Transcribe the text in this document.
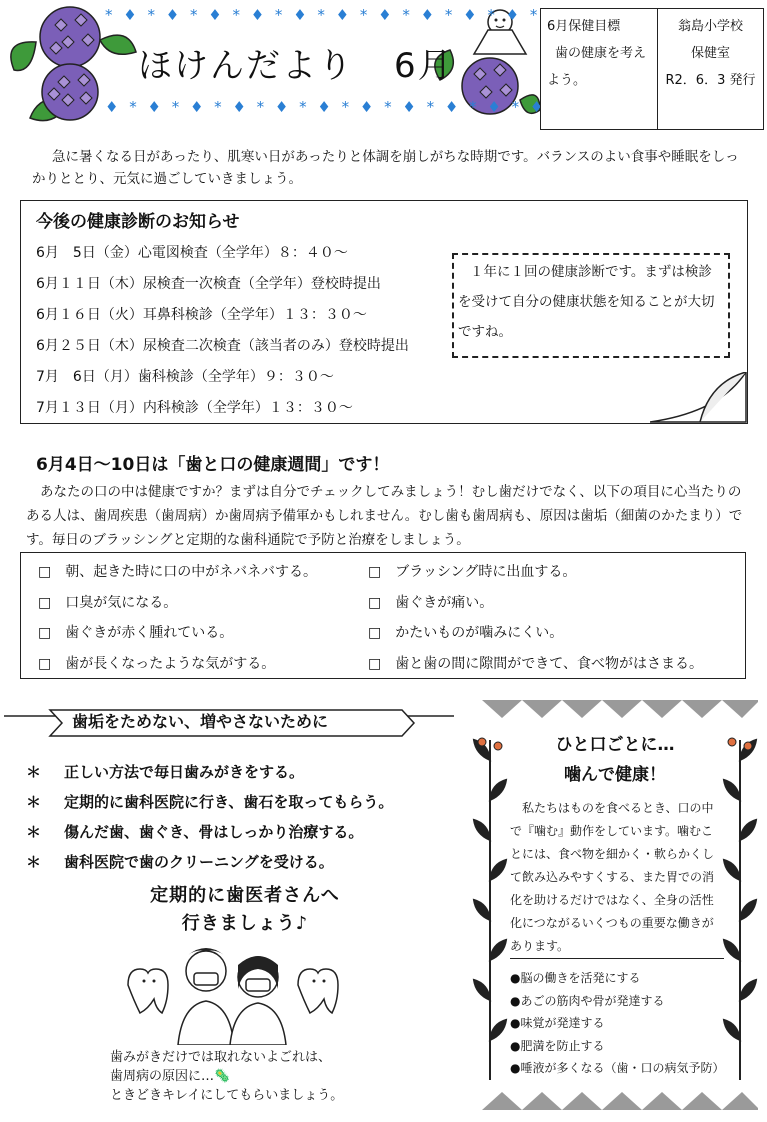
* ♦ * ♦ * ♦ * ♦ * ♦ * ♦ * ♦ * ♦ * ♦ * ♦ *
♦ * ♦ * ♦ * ♦ * ♦ * ♦ * ♦ * ♦ * ♦ * ♦ * ♦
ほけんだより 6月
6月保健目標
歯の健康を考えよう。
翁島小学校
保健室
R2．6．3 発行
急に暑くなる日があったり、肌寒い日があったりと体調を崩しがちな時期です。バランスのよい食事や睡眠をしっかりととり、元気に過ごしていきましょう。
今後の健康診断のお知らせ
6月　5日（金）心電図検査（全学年）８：４０〜
6月１１日（木）尿検査一次検査（全学年）登校時提出
6月１６日（火）耳鼻科検診（全学年）１３：３０〜
6月２５日（木）尿検査二次検査（該当者のみ）登校時提出
7月　6日（月）歯科検診（全学年）９：３０〜
7月１３日（月）内科検診（全学年）１３：３０〜
１年に１回の健康診断です。まずは検診を受けて自分の健康状態を知ることが大切ですね。
6月4日〜10日は「歯と口の健康週間」です！
あなたの口の中は健康ですか？まずは自分でチェックしてみましょう！むし歯だけでなく、以下の項目に心当たりのある人は、歯周疾患（歯周病）か歯周病予備軍かもしれません。むし歯も歯周病も、原因は歯垢（細菌のかたまり）です。毎日のブラッシングと定期的な歯科通院で予防と治療をしましょう。
□　 朝、起きた時に口の中がネバネバする。
□　 口臭が気になる。
□　 歯ぐきが赤く腫れている。
□　 歯が長くなったような気がする。
□　 ブラッシング時に出血する。
□　 歯ぐきが痛い。
□　 かたいものが噛みにくい。
□　 歯と歯の間に隙間ができて、食べ物がはさまる。
歯垢をためない、増やさないために
＊ 正しい方法で毎日歯みがきをする。
＊ 定期的に歯科医院に行き、歯石を取ってもらう。
＊ 傷んだ歯、歯ぐき、骨はしっかり治療する。
＊ 歯科医院で歯のクリーニングを受ける。
定期的に歯医者さんへ
行きましょう♪
歯みがきだけでは取れないよごれは、
歯周病の原因に…🦠
ときどきキレイにしてもらいましょう。
ひと口ごとに…
噛んで健康！
私たちはものを食べるとき、口の中で『噛む』動作をしています。噛むことには、食べ物を細かく・軟らかくして飲み込みやすくする、また胃での消化を助けるだけではなく、全身の活性化につながるいくつもの重要な働きがあります。
●脳の働きを活発にする
●あごの筋肉や骨が発達する
●味覚が発達する
●肥満を防止する
●唾液が多くなる（歯・口の病気予防）
